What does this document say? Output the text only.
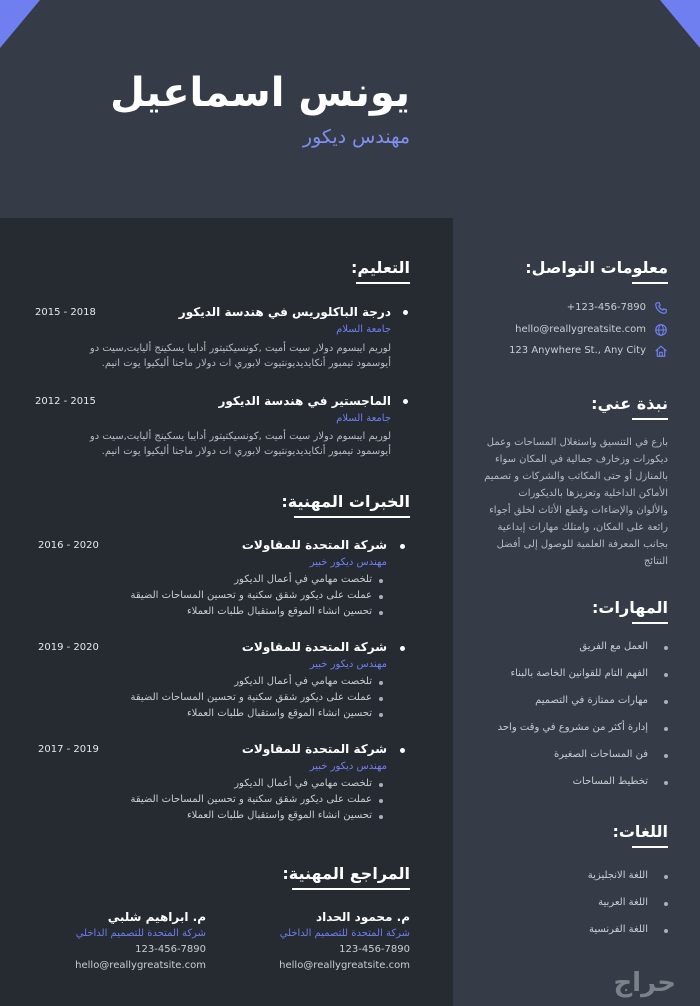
يونس اسماعيل
مهندس ديكور
معلومات التواصل:
+123-456-7890
hello@reallygreatsite.com
123 Anywhere St., Any City
نبذة عني:
بارع في التنسيق واستغلال المساحات وعمل
ديكورات وزخارف جمالية في المكان سواء
بالمنازل أو حتى المكاتب والشركات و تصميم
الأماكن الداخلية وتعزيزها بالديكورات
والألوان والإضاءات وقطع الأثاث لخلق أجواء
رائعة على المكان، وامتلك مهارات إبداعية
بجانب المعرفة العلمية للوصول إلى أفضل
النتائج
المهارات:
العمل مع الفريق
الفهم التام للقوانين الخاصة بالبناء
مهارات ممتازة في التصميم
إدارة أكثر من مشروع في وقت واحد
فن المساحات الصغيرة
تخطيط المساحات
اللغات:
اللغة الانجليزية
اللغة العربية
اللغة الفرنسية
التعليم:
درجة الباكلوريس في هندسة الديكور
2015 - 2018
جامعة السلام
لوريم ايبسوم دولار سيت أميت ,كونسيكتيتور أدايبا يسكينج أليايت,سيت دو
أيوسمود تيمبور أنكايديديونتيوت لابوري ات دولار ماجنا أليكيوا يوت انيم.
الماجستير في هندسة الديكور
2012 - 2015
جامعة السلام
لوريم ايبسوم دولار سيت أميت ,كونسيكتيتور أدايبا يسكينج أليايت,سيت دو
أيوسمود تيمبور أنكايديديونتيوت لابوري ات دولار ماجنا أليكيوا يوت انيم.
الخبرات المهنية:
شركة المتحدة للمقاولات
2016 - 2020
مهندس ديكور خبير
تلخصت مهامي في أعمال الديكور
عملت على ديكور شقق سكنية و تحسين المساحات الضيقة
تحسين انشاء الموقع واستقبال طلبات العملاء
شركة المتحدة للمقاولات
2019 - 2020
مهندس ديكور خبير
تلخصت مهامي في أعمال الديكور
عملت على ديكور شقق سكنية و تحسين المساحات الضيقة
تحسين انشاء الموقع واستقبال طلبات العملاء
شركة المتحدة للمقاولات
2017 - 2019
مهندس ديكور خبير
تلخصت مهامي في أعمال الديكور
عملت على ديكور شقق سكنية و تحسين المساحات الضيقة
تحسين انشاء الموقع واستقبال طلبات العملاء
المراجع المهنية:
م. محمود الحداد
شركة المتحدة للتصميم الداخلي
123-456-7890
hello@reallygreatsite.com
م. ابراهيم شلبي
شركة المتحدة للتصميم الداخلي
123-456-7890
hello@reallygreatsite.com
حراج
